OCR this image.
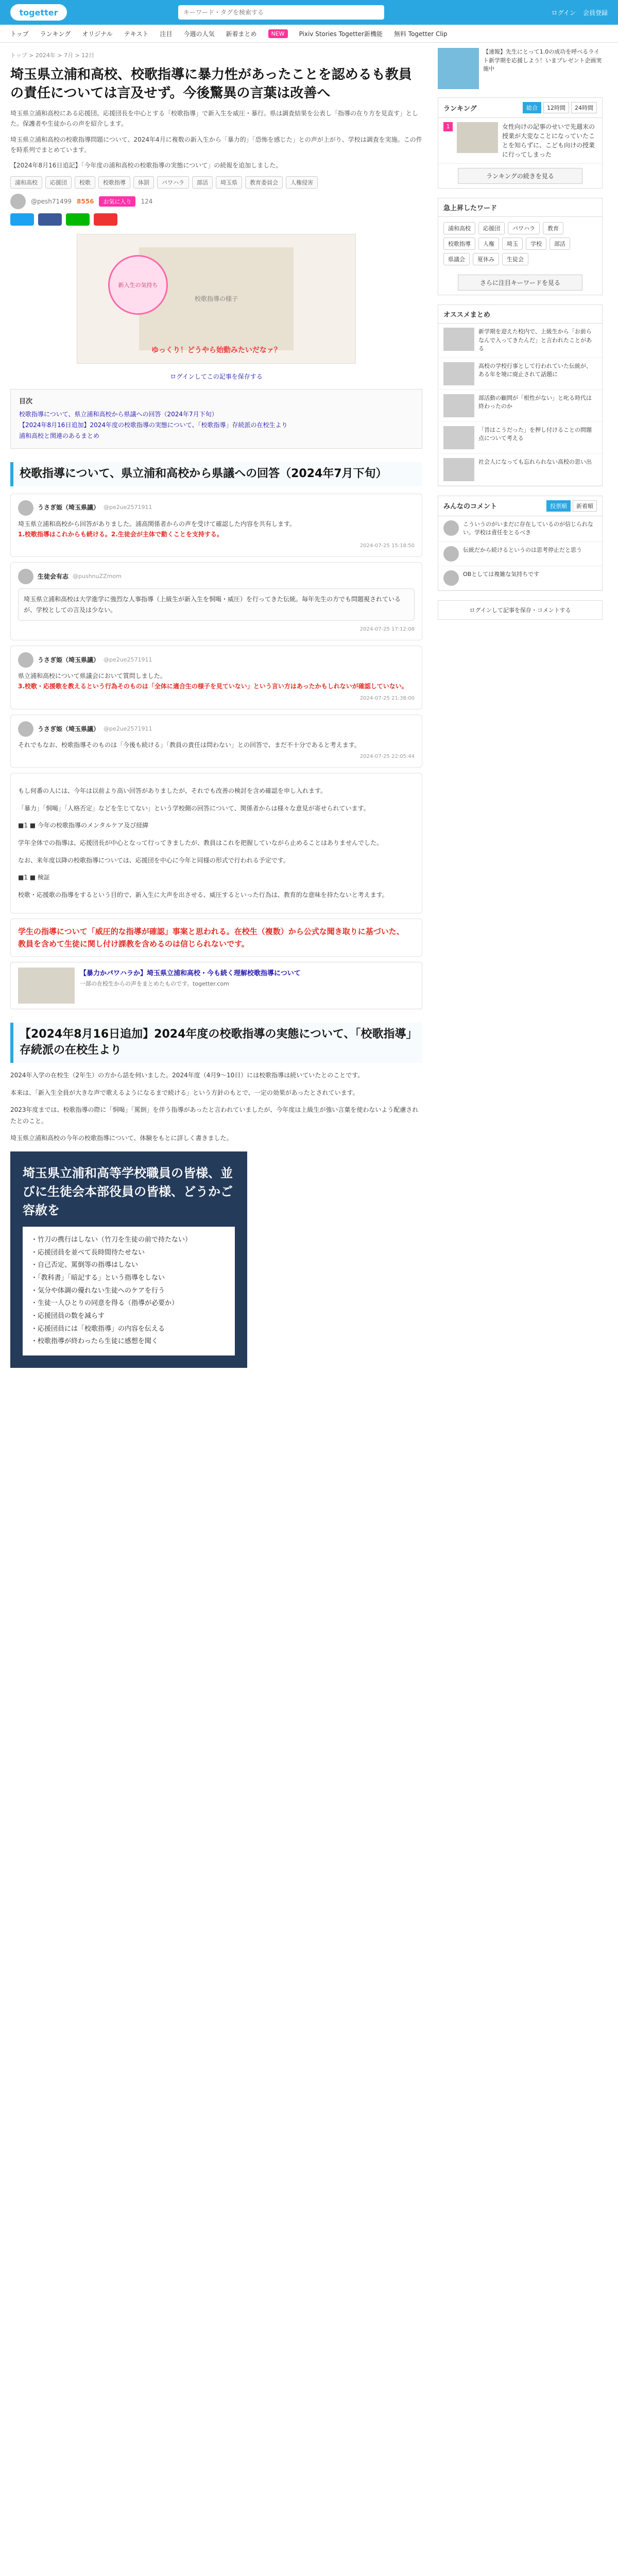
togetter
キーワード・タグを検索する	ログイン 会員登録
トップ ランキング オリジナル テキスト 注目 今週の人気 新着まとめ	NEW	Pixiv Stories Togetter新機能 無料 Togetter Clip
トップ > 2024年 > 7月 > 12日
埼玉県立浦和高校、校歌指導に暴力性があったことを認めるも教員の責任については言及せず。今後驚異の言葉は改善へ

埼玉県立浦和高校にある応援団、応援団長を中心とする「校歌指導」で新入生を威圧・暴行。県は調査結果を公表し「指導の在り方を見直す」とした。保護者や生徒からの声を紹介します。

埼玉県立浦和高校の校歌指導問題について、2024年4月に複数の新入生から「暴力的」「恐怖を感じた」との声が上がり、学校は調査を実施。この件を時系列でまとめています。

【2024年8月16日追記】「今年度の浦和高校の校歌指導の実態について」の続報を追加しました。

浦和高校	応援団	校歌	校歌指導	体罰	パワハラ	部活	埼玉県	教育委員会	人権侵害
@pesh71499 8556	お気に入り	124
校歌指導の様子
新入生の気持ち
ゆっくり！どうやら始動みたいだなァ？
ログインしてこの記事を保存する
目次

校歌指導について、県立浦和高校から県議への回答（2024年7月下旬）

【2024年8月16日追加】2024年度の校歌指導の実態について、「校歌指導」存続派の在校生より

浦和高校と関連のあるまとめ

校歌指導について、県立浦和高校から県議への回答（2024年7月下旬）
うさぎ姫（埼玉県議） @pe2ue2571911
埼玉県立浦和高校から回答がありました。浦高関係者からの声を受けて確認した内容を共有します。
1.校歌指導はこれからも続ける。2.生徒会が主体で動くことを支持する。
2024-07-25 15:18:50
生徒会有志 @pushnuZZmom
埼玉県立浦和高校は大学進学に強烈な人事指導（上級生が新入生を恫喝・威圧）を行ってきた伝統。毎年先生の方でも問題視されているが、学校としての言及は少ない。
2024-07-25 17:12:08
うさぎ姫（埼玉県議） @pe2ue2571911
県立浦和高校について県議会において質問しました。
3.校歌・応援歌を教えるという行為そのものは「全体に適合生の様子を見ていない」という言い方はあったかもしれないが確認していない。
2024-07-25 21:38:00
うさぎ姫（埼玉県議） @pe2ue2571911
それでもなお、校歌指導そのものは「今後も続ける」「教員の責任は問わない」との回答で、まだ不十分であると考えます。
2024-07-25 22:05:44

もし何番の人には、今年は以前より高い回答がありましたが、それでも改善の検討を含め確認を申し入れます。

「暴力」「恫喝」「人格否定」などを生じてない」という学校側の回答について、関係者からは様々な意見が寄せられています。

■1 ■ 今年の校歌指導のメンタルケア及び経緯

学年全体での指導は、応援団長が中心となって行ってきましたが、教員はこれを把握していながら止めることはありませんでした。

なお、来年度以降の校歌指導については、応援団を中心に今年と同様の形式で行われる予定です。

■1 ■ 検証

校歌・応援歌の指導をするという目的で、新入生に大声を出させる、威圧するといった行為は、教育的な意味を持たないと考えます。

学生の指導について「威圧的な指導が確認」事案と思われる。在校生（複数）から公式な聞き取りに基づいた、
教員を含めて生徒に関し付け課教を含めるのは信じられないです。
【暴力かパワハラか】埼玉県立浦和高校・今も続く理解校歌指導について
一部の在校生からの声をまとめたものです。togetter.com
【2024年8月16日追加】2024年度の校歌指導の実態について、「校歌指導」存続派の在校生より

2024年入学の在校生（2年生）の方から話を伺いました。2024年度（4月9～10日）には校歌指導は続いていたとのことです。

本来は、「新入生全員が大きな声で歌えるようになるまで続ける」という方針のもとで、一定の効果があったとされています。

2023年度までは、校歌指導の際に「恫喝」「罵倒」を伴う指導があったと言われていましたが、今年度は上級生が強い言葉を使わないよう配慮されたとのこと。

埼玉県立浦和高校の今年の校歌指導について、体験をもとに詳しく書きました。

埼玉県立浦和高等学校職員の皆様、並びに生徒会本部役員の皆様、どうかご容赦を
・竹刀の携行はしない（竹刀を生徒の前で持たない）
・応援団員を並べて長時間待たせない
・自己否定、罵倒等の指導はしない
・「教科書」「暗記する」という指導をしない
・気分や体調の優れない生徒へのケアを行う
・生徒一人ひとりの同意を得る（指導が必要か）
・応援団員の数を減らす
・応援団員には「校歌指導」の内容を伝える
・校歌指導が終わったら生徒に感想を聞く
【速報】先生にとって1.0の成功を呼べるライト新学期を応援しよう！いまプレゼント企画実施中
ランキング	総合	12時間	24時間
1	女性向けの記事のせいで先週末の授業が大変なことになっていたことを知らずに、こども向けの授業に行ってしまった
ランキングの続きを見る
急上昇したワード
浦和高校	応援団	パワハラ	教育
校歌指導	人権	埼玉	学校	部活
県議会	夏休み	生徒会
さらに注目キーワードを見る
オススメまとめ
新学期を迎えた校内で、上級生から「お前らなんで入ってきたんだ」と言われたことがある
高校の学校行事として行われていた伝統が、ある年を境に廃止されて話題に
部活動の顧問が「根性がない」と叱る時代は終わったのか
「昔はこうだった」を押し付けることの問題点について考える
社会人になっても忘れられない高校の思い出
みんなのコメント	投票順	新着順
こういうのがいまだに存在しているのが信じられない。学校は責任をとるべき
伝統だから続けるというのは思考停止だと思う
OBとしては複雑な気持ちです
ログインして記事を保存・コメントする
